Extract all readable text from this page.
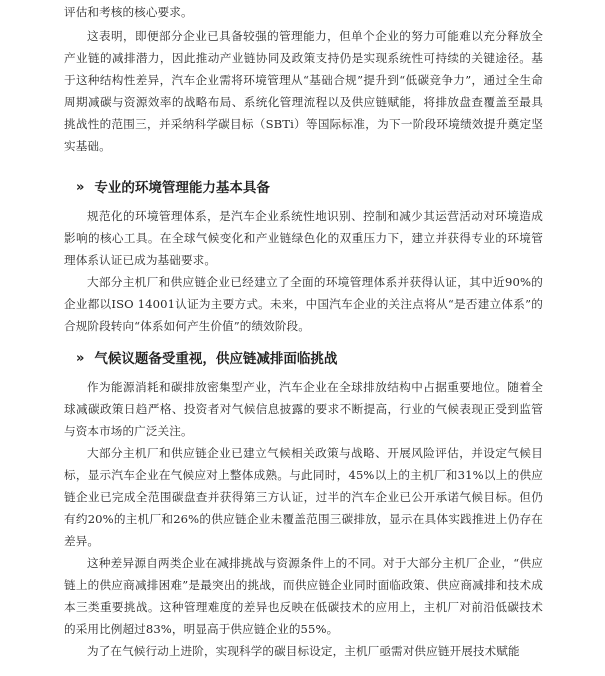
评估和考核的核心要求。

这表明，即便部分企业已具备较强的管理能力，但单个企业的努力可能难以充分释放全产业链的减排潜力，因此推动产业链协同及政策支持仍是实现系统性可持续的关键途径。基于这种结构性差异，汽车企业需将环境管理从“基础合规”提升到“低碳竞争力”，通过全生命周期减碳与资源效率的战略布局、系统化管理流程以及供应链赋能，将排放盘查覆盖至最具挑战性的范围三，并采纳科学碳目标（SBTi）等国际标准，为下一阶段环境绩效提升奠定坚实基础。

» 专业的环境管理能力基本具备

规范化的环境管理体系，是汽车企业系统性地识别、控制和减少其运营活动对环境造成影响的核心工具。在全球气候变化和产业链绿色化的双重压力下，建立并获得专业的环境管理体系认证已成为基础要求。

大部分主机厂和供应链企业已经建立了全面的环境管理体系并获得认证，其中近90%的企业都以ISO 14001认证为主要方式。未来，中国汽车企业的关注点将从“是否建立体系”的合规阶段转向“体系如何产生价值”的绩效阶段。

» 气候议题备受重视，供应链减排面临挑战

作为能源消耗和碳排放密集型产业，汽车企业在全球排放结构中占据重要地位。随着全球减碳政策日趋严格、投资者对气候信息披露的要求不断提高，行业的气候表现正受到监管与资本市场的广泛关注。

大部分主机厂和供应链企业已建立气候相关政策与战略、开展风险评估，并设定气候目标，显示汽车企业在气候应对上整体成熟。与此同时，45%以上的主机厂和31%以上的供应链企业已完成全范围碳盘查并获得第三方认证，过半的汽车企业已公开承诺气候目标。但仍有约20%的主机厂和26%的供应链企业未覆盖范围三碳排放，显示在具体实践推进上仍存在差异。

这种差异源自两类企业在减排挑战与资源条件上的不同。对于大部分主机厂企业，“供应链上的供应商减排困难”是最突出的挑战，而供应链企业同时面临政策、供应商减排和技术成本三类重要挑战。这种管理难度的差异也反映在低碳技术的应用上，主机厂对前沿低碳技术的采用比例超过83%，明显高于供应链企业的55%。

为了在气候行动上进阶，实现科学的碳目标设定，主机厂亟需对供应链开展技术赋能
